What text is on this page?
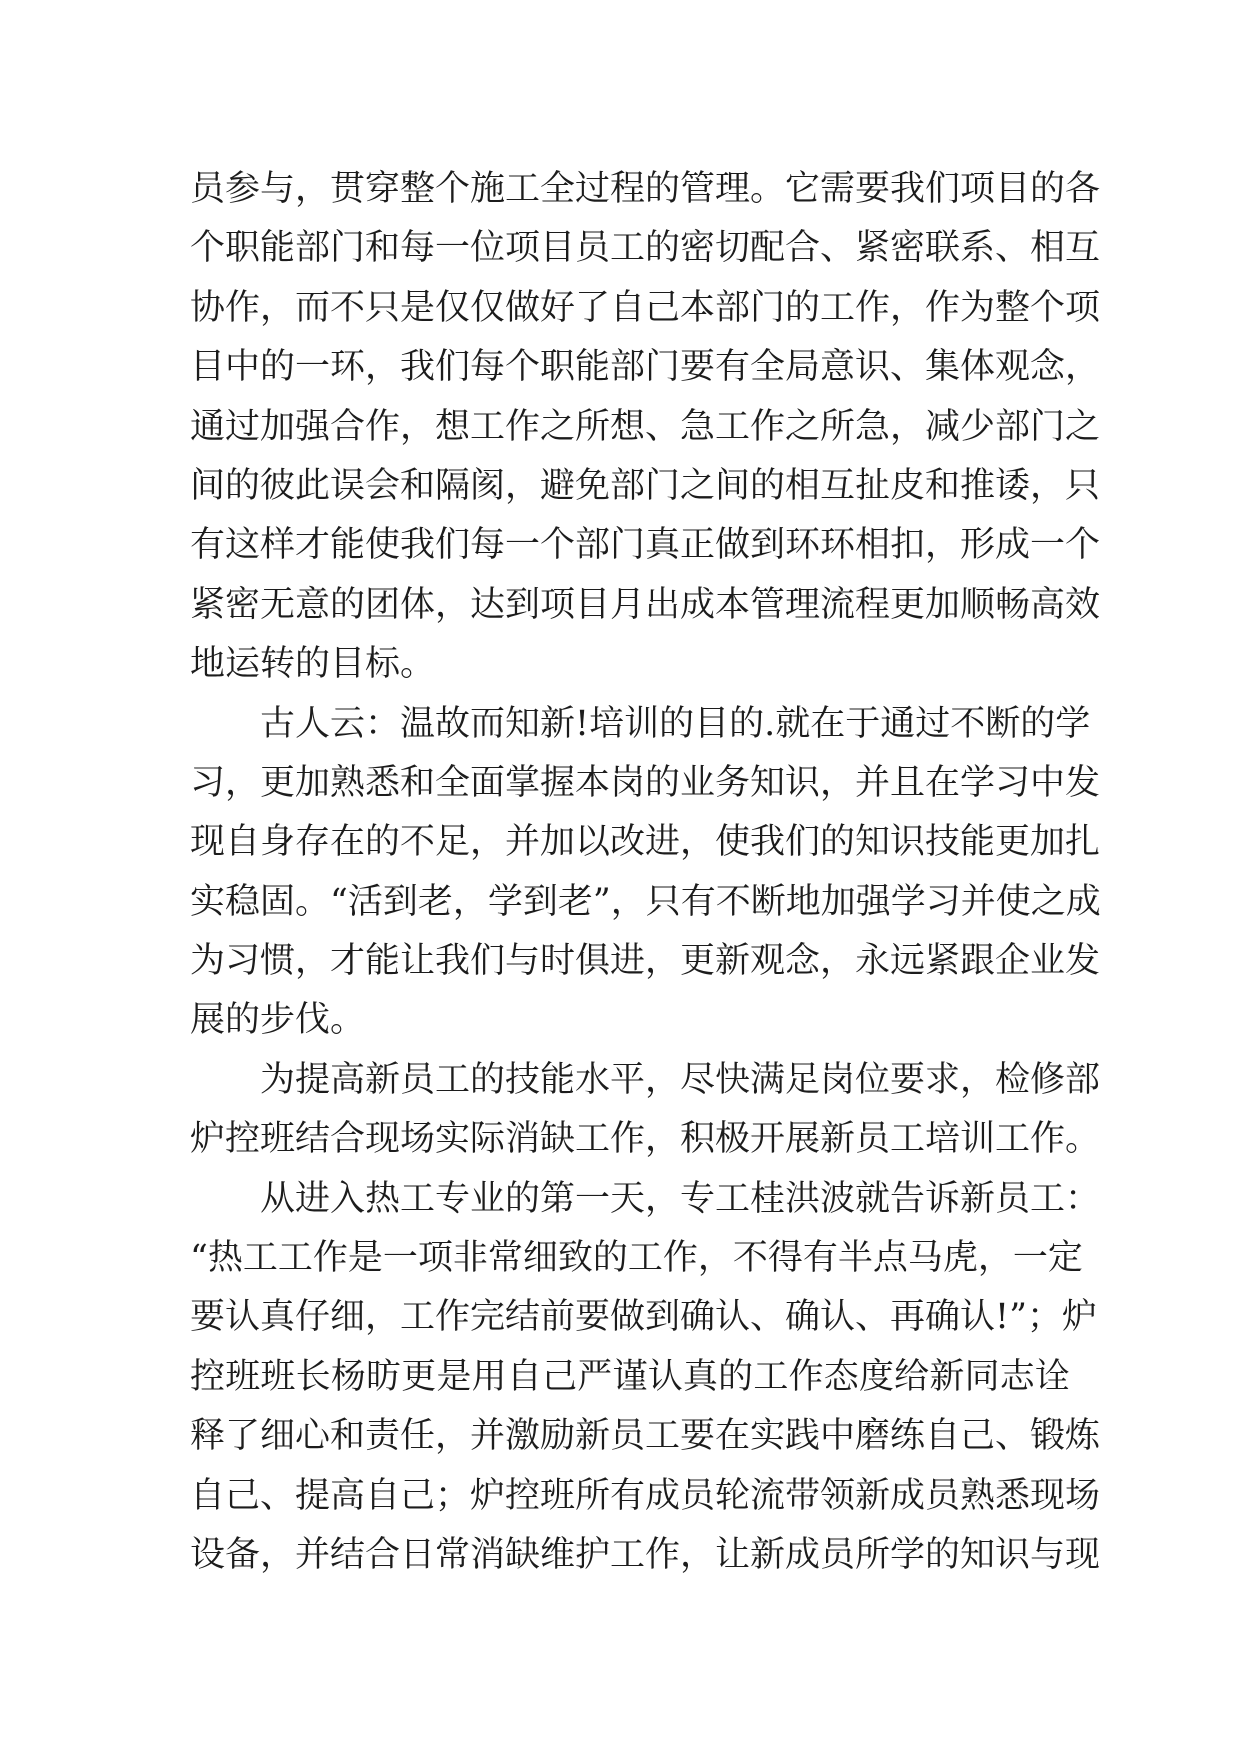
员参与，贯穿整个施工全过程的管理。它需要我们项目的各
个职能部门和每一位项目员工的密切配合、紧密联系、相互
协作，而不只是仅仅做好了自己本部门的工作，作为整个项
目中的一环，我们每个职能部门要有全局意识、集体观念，
通过加强合作，想工作之所想、急工作之所急，减少部门之
间的彼此误会和隔阂，避免部门之间的相互扯皮和推诿，只
有这样才能使我们每一个部门真正做到环环相扣，形成一个
紧密无意的团体，达到项目月出成本管理流程更加顺畅高效
地运转的目标。
古人云：温故而知新!培训的目的.就在于通过不断的学
习，更加熟悉和全面掌握本岗的业务知识，并且在学习中发
现自身存在的不足，并加以改进，使我们的知识技能更加扎
实稳固。“活到老，学到老”，只有不断地加强学习并使之成
为习惯，才能让我们与时俱进，更新观念，永远紧跟企业发
展的步伐。
为提高新员工的技能水平，尽快满足岗位要求，检修部
炉控班结合现场实际消缺工作，积极开展新员工培训工作。
从进入热工专业的第一天，专工桂洪波就告诉新员工：
“热工工作是一项非常细致的工作，不得有半点马虎，一定
要认真仔细，工作完结前要做到确认、确认、再确认!”；炉
控班班长杨昉更是用自己严谨认真的工作态度给新同志诠
释了细心和责任，并激励新员工要在实践中磨练自己、锻炼
自己、提高自己；炉控班所有成员轮流带领新成员熟悉现场
设备，并结合日常消缺维护工作，让新成员所学的知识与现
